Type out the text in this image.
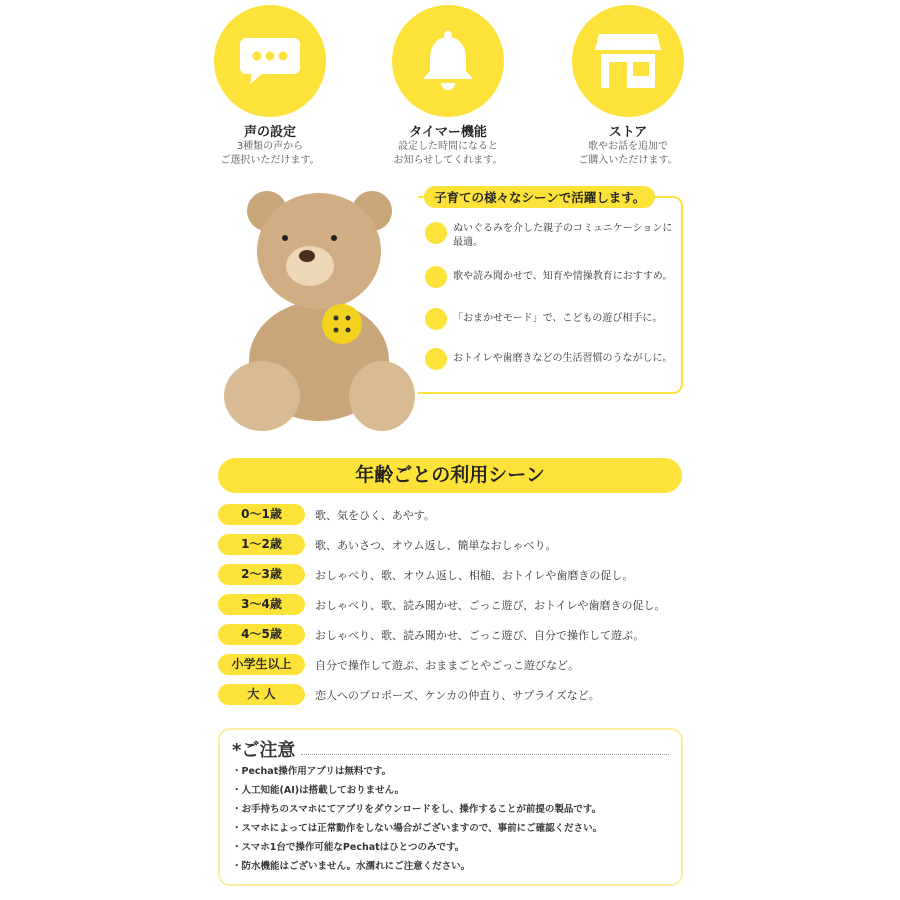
声の設定
3種類の声から
ご選択いただけます。
タイマー機能
設定した時間になると
お知らせしてくれます。
ストア
歌やお話を追加で
ご購入いただけます。
子育ての様々なシーンで活躍します。
::	ぬいぐるみを介した親子のコミュニケーションに最適。
::	歌や読み聞かせで、知育や情操教育におすすめ。
::	「おまかせモード」で、こどもの遊び相手に。
::	おトイレや歯磨きなどの生活習慣のうながしに。
年齢ごとの利用シーン
0～1歳	歌、気をひく、あやす。
1～2歳	歌、あいさつ、オウム返し、簡単なおしゃべり。
2～3歳	おしゃべり、歌、オウム返し、相槌、おトイレや歯磨きの促し。
3～4歳	おしゃべり、歌、読み聞かせ、ごっこ遊び、おトイレや歯磨きの促し。
4～5歳	おしゃべり、歌、読み聞かせ、ごっこ遊び、自分で操作して遊ぶ。
小学生以上	自分で操作して遊ぶ、おままごとやごっこ遊びなど。
大 人	恋人へのプロポーズ、ケンカの仲直り、サプライズなど。
*ご注意
・Pechat操作用アプリは無料です。
・人工知能(AI)は搭載しておりません。
・お手持ちのスマホにてアプリをダウンロードをし、操作することが前提の製品です。
・スマホによっては正常動作をしない場合がございますので、事前にご確認ください。
・スマホ1台で操作可能なPechatはひとつのみです。
・防水機能はございません。水濡れにご注意ください。
